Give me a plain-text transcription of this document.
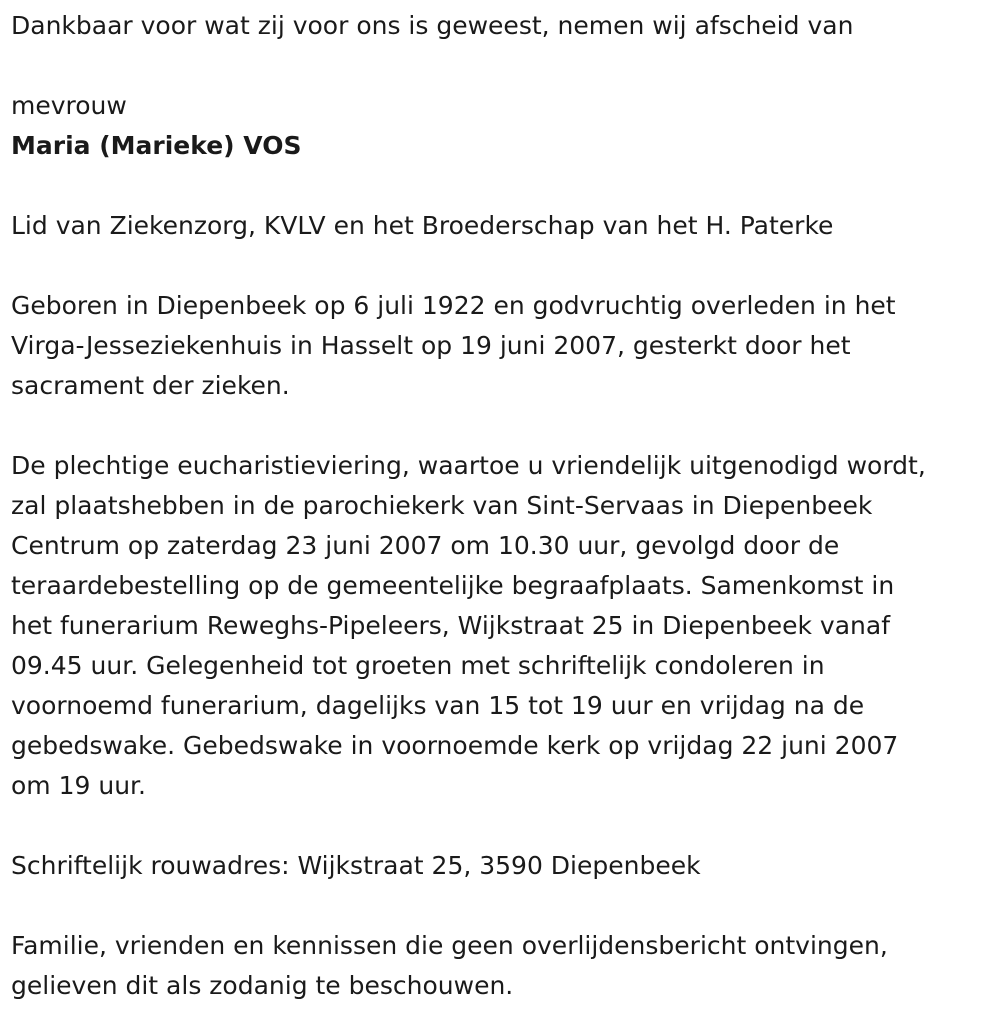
Dankbaar voor wat zij voor ons is geweest, nemen wij afscheid van

mevrouw

Maria (Marieke) VOS

Lid van Ziekenzorg, KVLV en het Broederschap van het H. Paterke

Geboren in Diepenbeek op 6 juli 1922 en godvruchtig overleden in het
Virga-Jesseziekenhuis in Hasselt op 19 juni 2007, gesterkt door het
sacrament der zieken.
De plechtige eucharistieviering, waartoe u vriendelijk uitgenodigd wordt,
zal plaatshebben in de parochiekerk van Sint-Servaas in Diepenbeek
Centrum op zaterdag 23 juni 2007 om 10.30 uur, gevolgd door de
teraardebestelling op de gemeentelijke begraafplaats. Samenkomst in
het funerarium Reweghs-Pipeleers, Wijkstraat 25 in Diepenbeek vanaf
09.45 uur. Gelegenheid tot groeten met schriftelijk condoleren in
voornoemd funerarium, dagelijks van 15 tot 19 uur en vrijdag na de
gebedswake. Gebedswake in voornoemde kerk op vrijdag 22 juni 2007
om 19 uur.

Schriftelijk rouwadres: Wijkstraat 25, 3590 Diepenbeek

Familie, vrienden en kennissen die geen overlijdensbericht ontvingen,
gelieven dit als zodanig te beschouwen.
